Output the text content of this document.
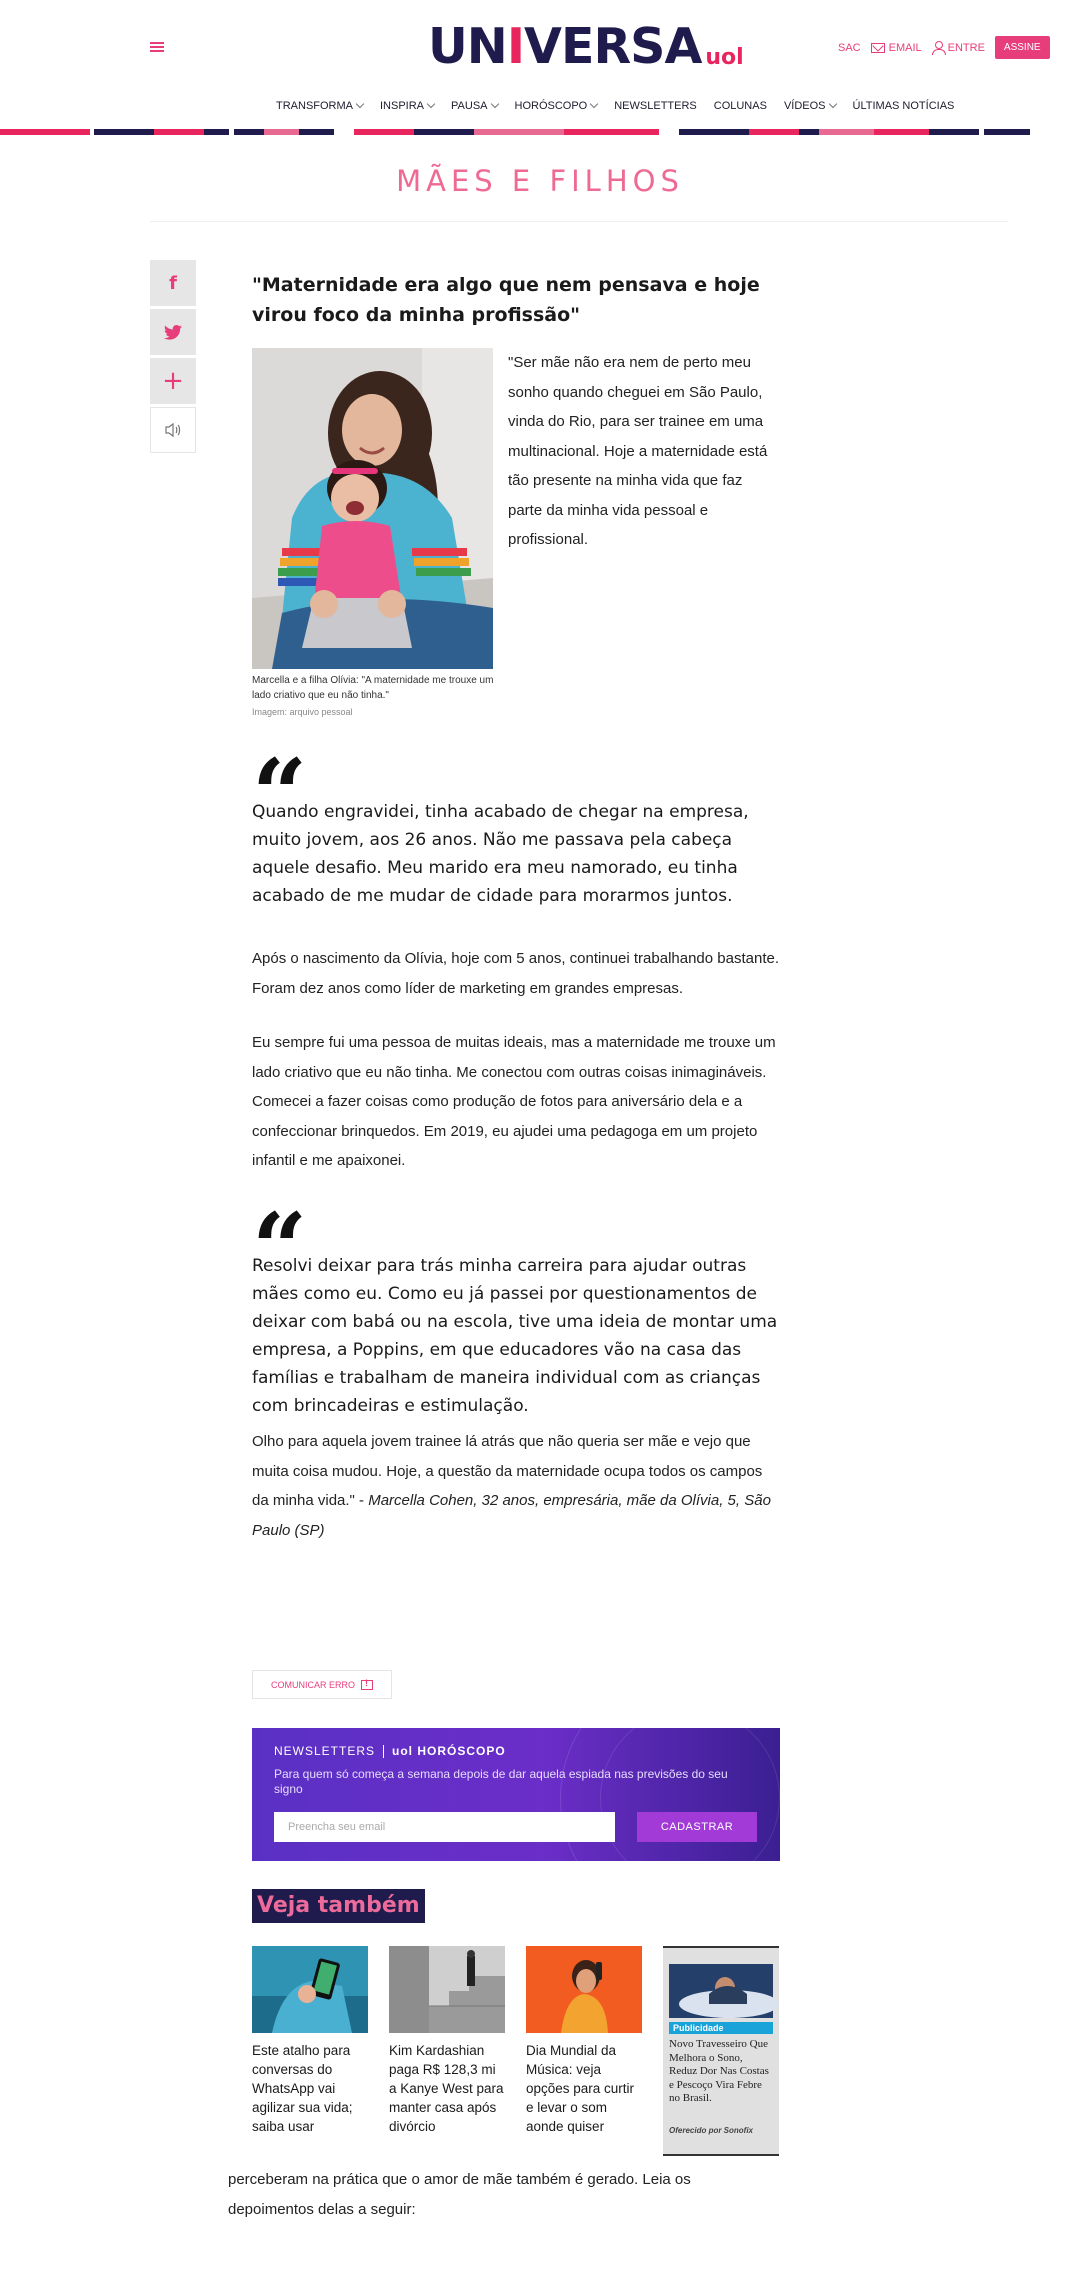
UNIVERSA uol	SAC	EMAIL ENTRE	ASSINE
TRANSFORMA INSPIRA PAUSA HORÓSCOPO NEWSLETTERS COLUNAS VÍDEOS ÚLTIMAS NOTÍCIAS
MÃES E FILHOS
f
+
"Maternidade era algo que nem pensava e hoje virou foco da minha profissão"

Marcella e a filha Olívia: "A maternidade me trouxe um lado criativo que eu não tinha."

Imagem: arquivo pessoal

"Ser mãe não era nem de perto meu sonho quando cheguei em São Paulo, vinda do Rio, para ser trainee em uma multinacional. Hoje a maternidade está tão presente na minha vida que faz parte da minha vida pessoal e profissional.

“

Quando engravidei, tinha acabado de chegar na empresa, muito jovem, aos 26 anos. Não me passava pela cabeça aquele desafio. Meu marido era meu namorado, eu tinha acabado de me mudar de cidade para morarmos juntos.

Após o nascimento da Olívia, hoje com 5 anos, continuei trabalhando bastante. Foram dez anos como líder de marketing em grandes empresas.

Eu sempre fui uma pessoa de muitas ideais, mas a maternidade me trouxe um lado criativo que eu não tinha. Me conectou com outras coisas inimagináveis. Comecei a fazer coisas como produção de fotos para aniversário dela e a confeccionar brinquedos. Em 2019, eu ajudei uma pedagoga em um projeto infantil e me apaixonei.

“

Resolvi deixar para trás minha carreira para ajudar outras mães como eu. Como eu já passei por questionamentos de deixar com babá ou na escola, tive uma ideia de montar uma empresa, a Poppins, em que educadores vão na casa das famílias e trabalham de maneira individual com as crianças com brincadeiras e estimulação.

Olho para aquela jovem trainee lá atrás que não queria ser mãe e vejo que muita coisa mudou. Hoje, a questão da maternidade ocupa todos os campos da minha vida." - Marcella Cohen, 32 anos, empresária, mãe da Olívia, 5, São Paulo (SP)

COMUNICAR ERRO
!
NEWSLETTERS uol HORÓSCOPO

Para quem só começa a semana depois de dar aquela espiada nas previsões do seu signo

Preencha seu email
CADASTRAR
Veja também

Este atalho para conversas do WhatsApp vai agilizar sua vida; saiba usar

Kim Kardashian paga R$ 128,3 mi a Kanye West para manter casa após divórcio

Dia Mundial da Música: veja opções para curtir e levar o som aonde quiser

Publicidade

Novo Travesseiro Que Melhora o Sono, Reduz Dor Nas Costas e Pescoço Vira Febre no Brasil.

Oferecido por Sonofix

perceberam na prática que o amor de mãe também é gerado. Leia os depoimentos delas a seguir:
